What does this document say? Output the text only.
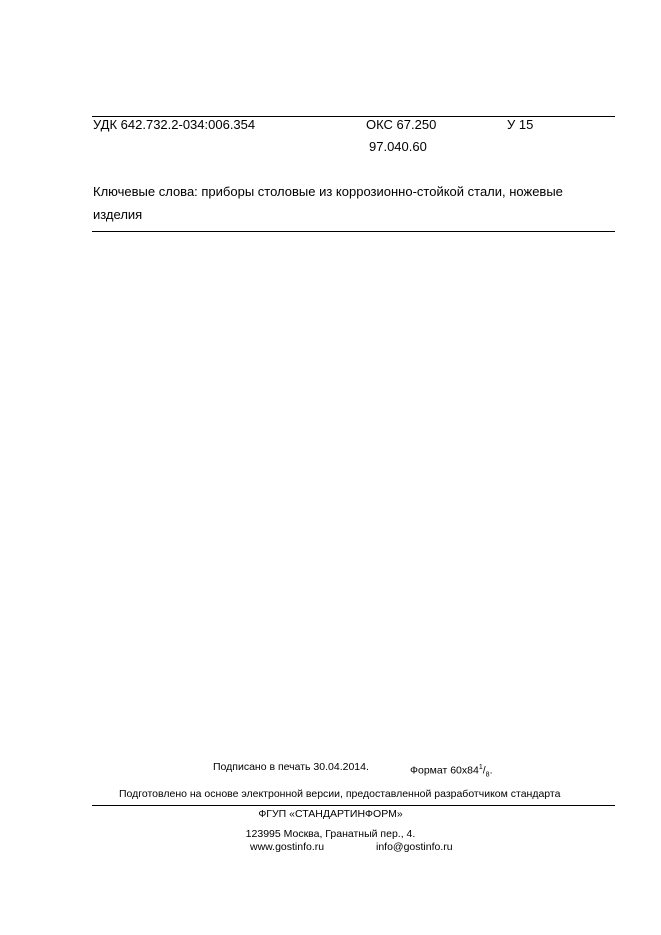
УДК 642.732.2-034:006.354	ОКС 67.250	У 15
97.040.60
Ключевые слова: приборы столовые из коррозионно-стойкой стали, ножевые
изделия
Подписано в печать 30.04.2014.	Формат $60x84^1/_8$.
Подготовлено на основе электронной версии, предоставленной разработчиком стандарта
ФГУП «СТАНДАРТИНФОРМ»
123995 Москва, Гранатный пер., 4.
www.gostinfo.ru	info@gostinfo.ru
